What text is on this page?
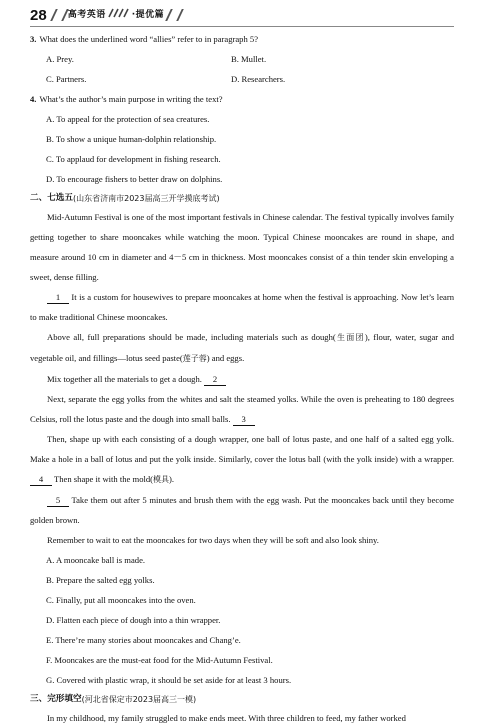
28 高考英语	·提优篇
3. What does the underlined word “allies” refer to in paragraph 5?
A. Prey.	B. Mullet.
C. Partners.	D. Researchers.
4. What’s the author’s main purpose in writing the text?
A. To appeal for the protection of sea creatures.
B. To show a unique human-dolphin relationship.
C. To applaud for development in fishing research.
D. To encourage fishers to better draw on dolphins.
二、七选五 (山东省济南市2023届高三开学摸底考试)

Mid-Autumn Festival is one of the most important festivals in Chinese calendar. The festival typically involves family getting together to share mooncakes while watching the moon. Typical Chinese mooncakes are round in shape, and measure around 10 cm in diameter and 4－5 cm in thickness. Most mooncakes consist of a thin tender skin enveloping a sweet, dense filling.

1 It is a custom for housewives to prepare mooncakes at home when the festival is approaching. Now let’s learn to make traditional Chinese mooncakes.

Above all, full preparations should be made, including materials such as dough(生面团), flour, water, sugar and vegetable oil, and fillings—lotus seed paste(莲子蓉) and eggs.

Mix together all the materials to get a dough. 2

Next, separate the egg yolks from the whites and salt the steamed yolks. While the oven is preheating to 180 degrees Celsius, roll the lotus paste and the dough into small balls. 3

Then, shape up with each consisting of a dough wrapper, one ball of lotus paste, and one half of a salted egg yolk. Make a hole in a ball of lotus and put the yolk inside. Similarly, cover the lotus ball (with the yolk inside) with a wrapper. 4 Then shape it with the mold(模具).

5 Take them out after 5 minutes and brush them with the egg wash. Put the mooncakes back until they become golden brown.

Remember to wait to eat the mooncakes for two days when they will be soft and also look shiny.

A. A mooncake ball is made.
B. Prepare the salted egg yolks.
C. Finally, put all mooncakes into the oven.
D. Flatten each piece of dough into a thin wrapper.
E. There’re many stories about mooncakes and Chang’e.
F. Mooncakes are the must-eat food for the Mid-Autumn Festival.
G. Covered with plastic wrap, it should be set aside for at least 3 hours.
三、完形填空 (河北省保定市2023届高三一模)

In my childhood, my family struggled to make ends meet. With three children to feed, my father worked
